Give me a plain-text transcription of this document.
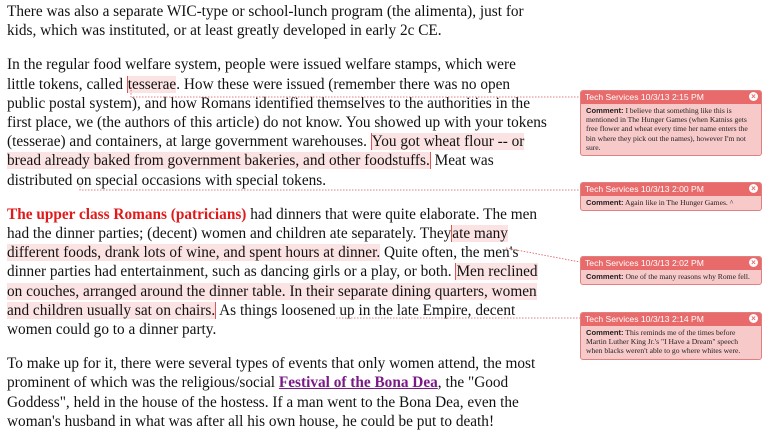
There was also a separate WIC-type or school-lunch program (the alimenta), just for kids, which was instituted, or at least greatly developed in early 2c CE.

In the regular food welfare system, people were issued welfare stamps, which were little tokens, called tesserae. How these were issued (remember there was no open public postal system), and how Romans identified themselves to the authorities in the first place, we (the authors of this article) do not know. You showed up with your tokens (tesserae) and containers, at large government warehouses. You got wheat flour -- or bread already baked from government bakeries, and other foodstuffs. Meat was distributed on special occasions with special tokens.

The upper class Romans (patricians) had dinners that were quite elaborate. The men had the dinner parties; (decent) women and children ate separately. Theyate many different foods, drank lots of wine, and spent hours at dinner. Quite often, the men's dinner parties had entertainment, such as dancing girls or a play, or both. Men reclined on couches, arranged around the dinner table. In their separate dining quarters, women and children usually sat on chairs. As things loosened up in the late Empire, decent women could go to a dinner party.

To make up for it, there were several types of events that only women attend, the most prominent of which was the religious/social Festival of the Bona Dea, the "Good Goddess", held in the house of the hostess. If a man went to the Bona Dea, even the woman's husband in what was after all his own house, he could be put to death!

Tech Services 10/3/13 2:15 PM	×
Comment: I believe that something like this is mentioned in The Hunger Games (when Katniss gets free flower and wheat every time her name enters the bin where they pick out the names), however I'm not sure.
Tech Services 10/3/13 2:00 PM	×
Comment: Again like in The Hunger Games. ^
Tech Services 10/3/13 2:02 PM	×
Comment: One of the many reasons why Rome fell.
Tech Services 10/3/13 2:14 PM	×
Comment: This reminds me of the times before Martin Luther King Jr.'s "I Have a Dream" speech when blacks weren't able to go where whites were.
